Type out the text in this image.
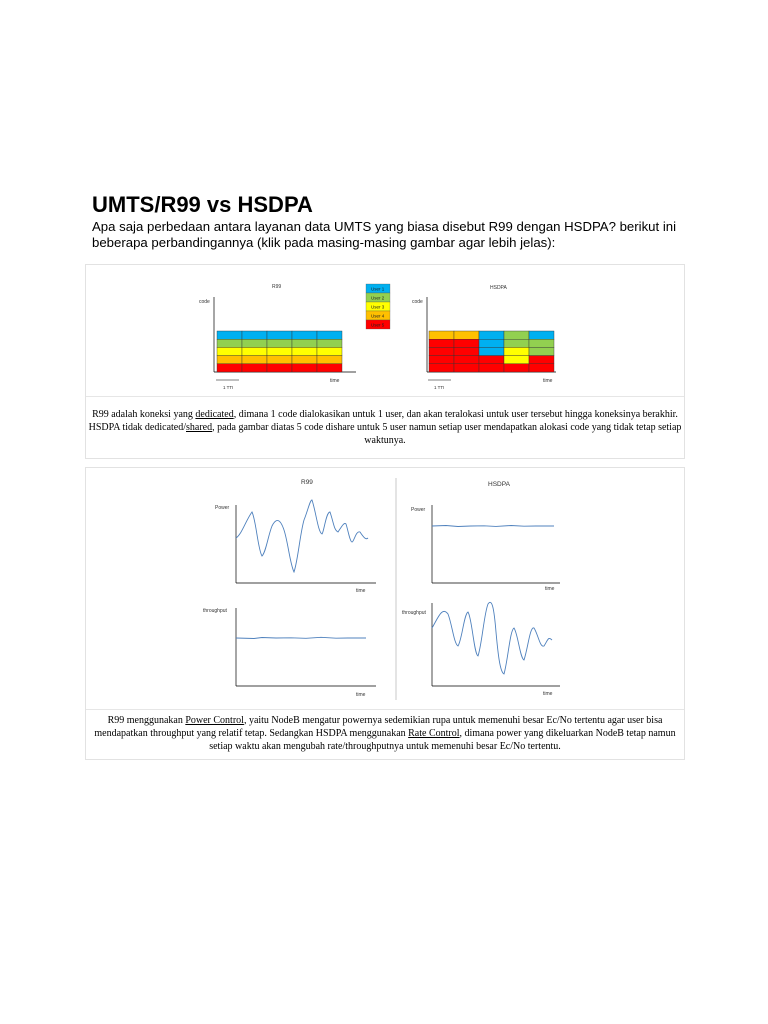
UMTS/R99 vs HSDPA

Apa saja perbedaan antara layanan data UMTS yang biasa disebut R99 dengan HSDPA? berikut ini beberapa perbandingannya (klik pada masing-masing gambar agar lebih jelas):

R99
code
time
1 TTI
User 1
User 2
User 3
User 4
User 5
HSDPA
code
time
1 TTI
R99 adalah koneksi yang dedicated, dimana 1 code dialokasikan untuk 1 user, dan akan teralokasi untuk user tersebut hingga koneksinya berakhir. HSDPA tidak dedicated/shared, pada gambar diatas 5 code dishare untuk 5 user namun setiap user mendapatkan alokasi code yang tidak tetap setiap waktunya.
R99
Power
time
throughput
time
HSDPA
Power
time
throughput
time
R99 menggunakan Power Control, yaitu NodeB mengatur powernya sedemikian rupa untuk memenuhi besar Ec/No tertentu agar user bisa mendapatkan throughput yang relatif tetap. Sedangkan HSDPA menggunakan Rate Control, dimana power yang dikeluarkan NodeB tetap namun setiap waktu akan mengubah rate/throughputnya untuk memenuhi besar Ec/No tertentu.
